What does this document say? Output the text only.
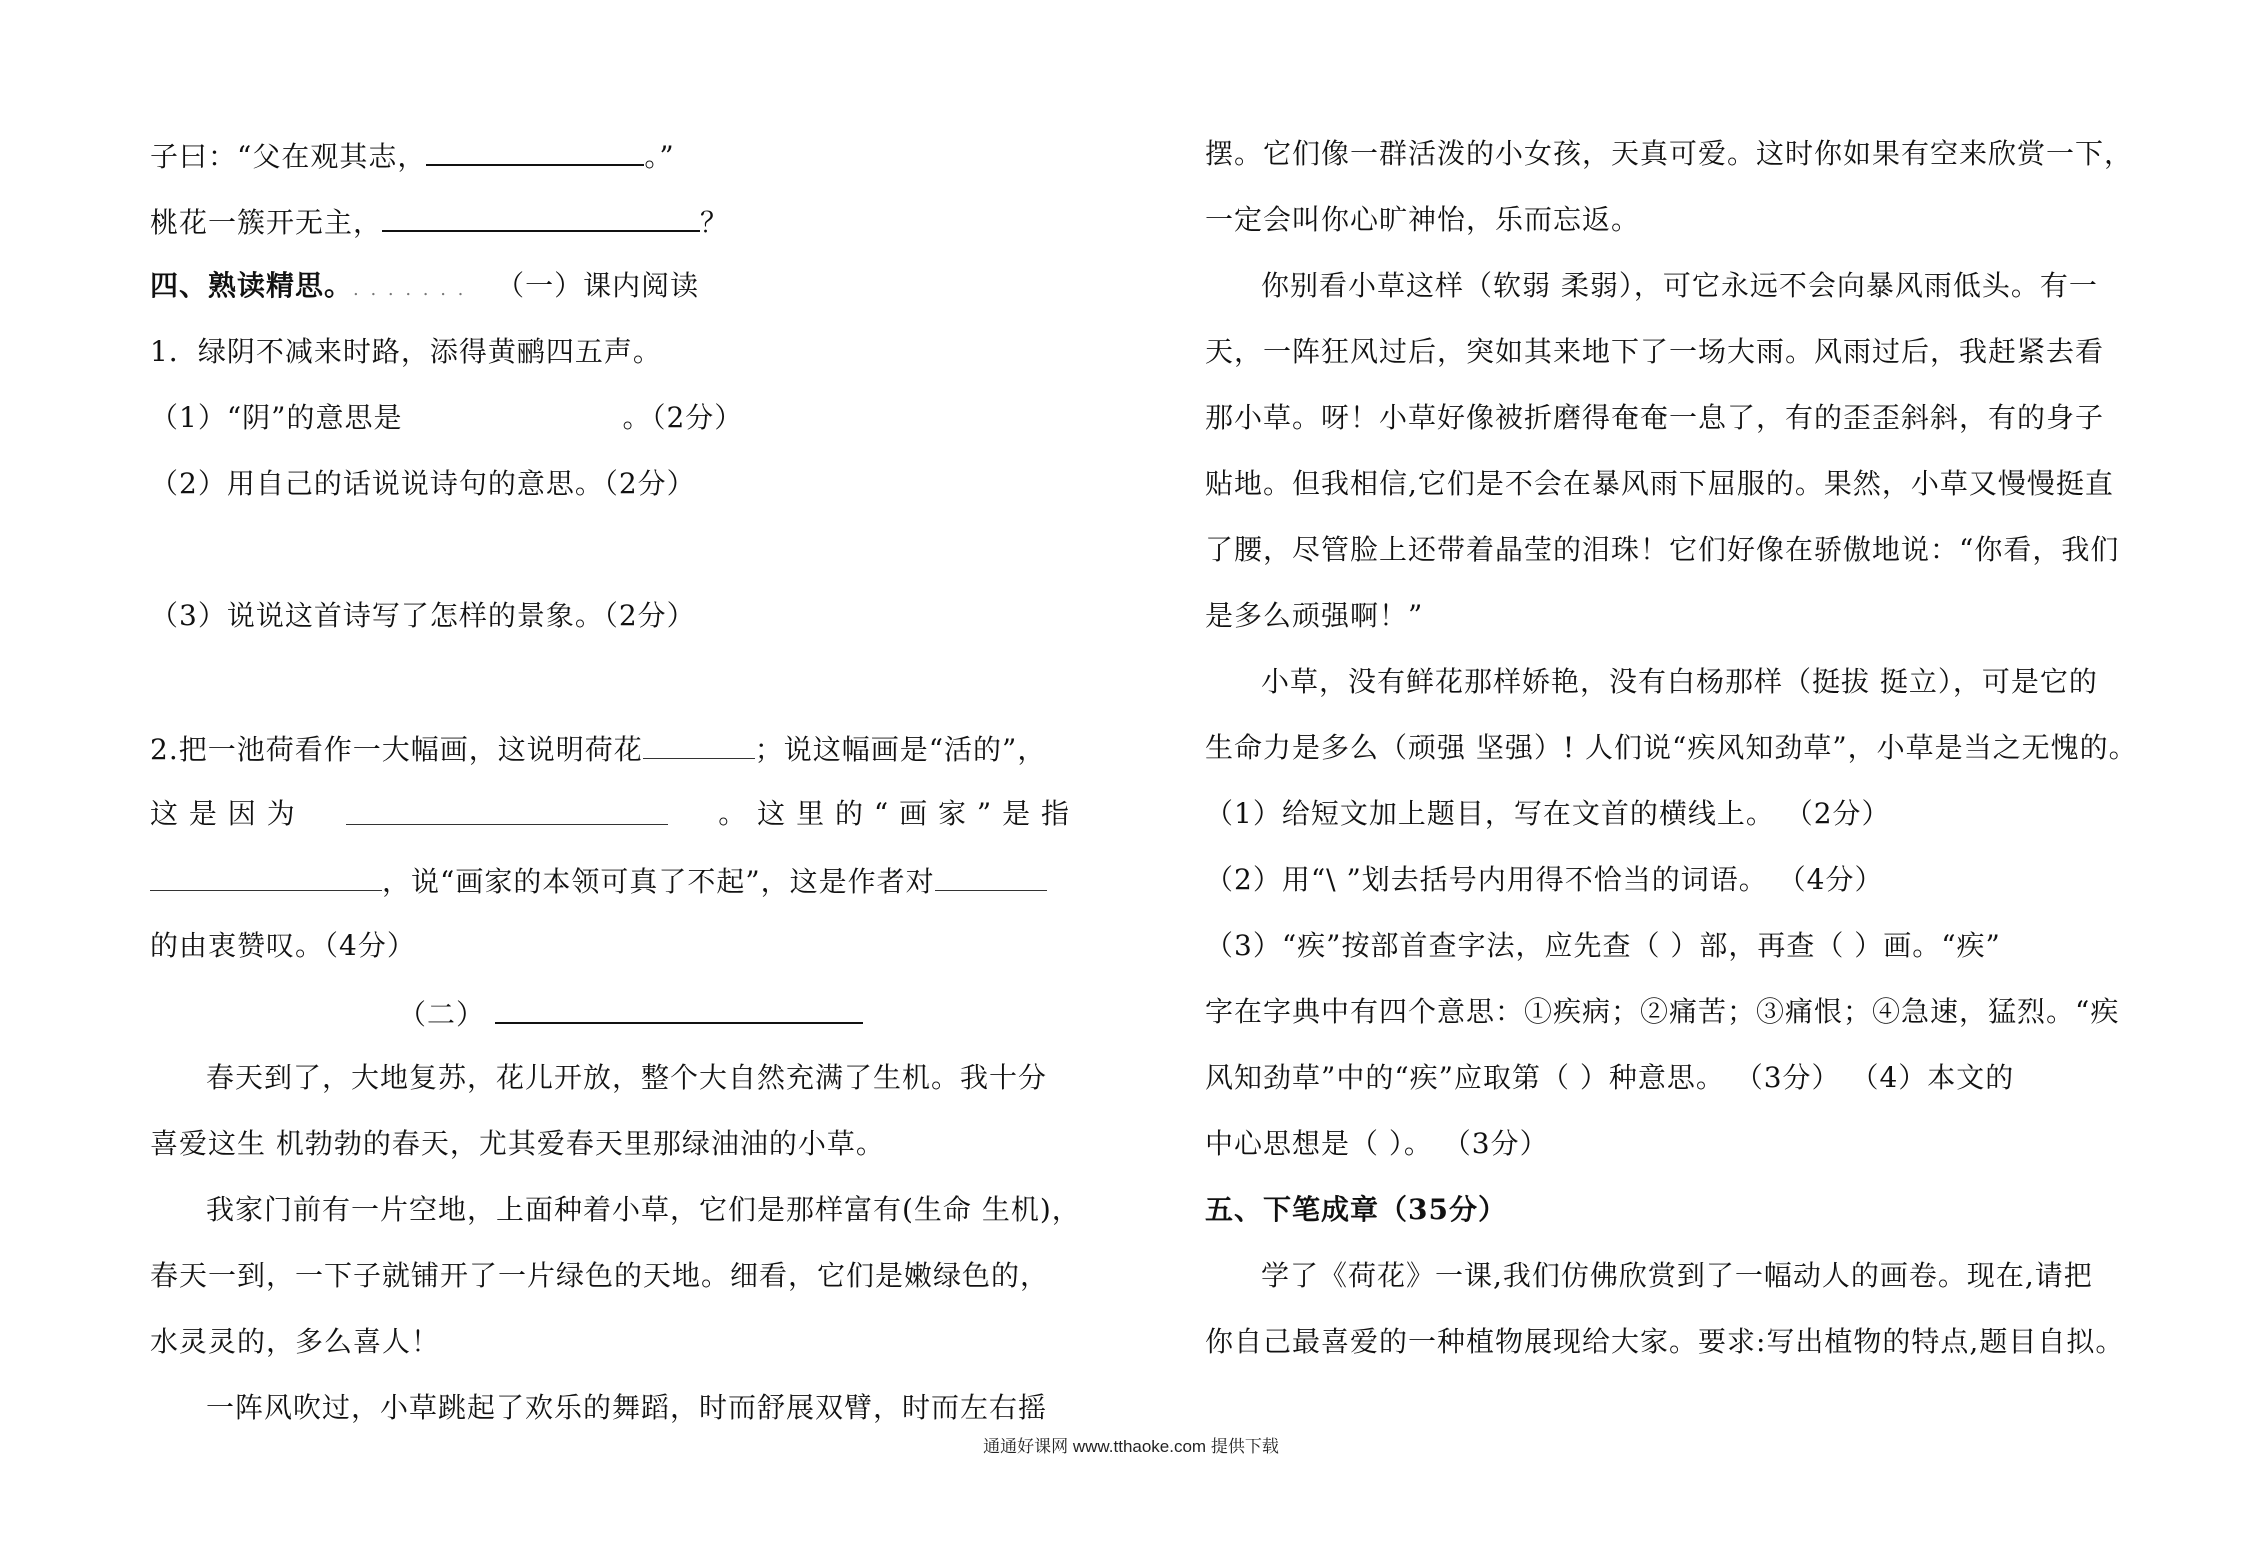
子曰：“父在观其志，	。”
桃花一簇开无主，	？
四、熟读精思。. . . . . . . （一）课内阅读
1．绿阴不减来时路，添得黄鹂四五声。
（1）“阴”的意思是	。（2分）
（2）用自己的话说说诗句的意思。（2分）
（3）说说这首诗写了怎样的景象。（2分）
2.把一池荷看作一大幅画，这说明荷花	；说这幅画是“活的”，
这 是 因 为	。 这 里 的 “ 画 家 ” 是 指
，说“画家的本领可真了不起”，这是作者对
的由衷赞叹。（4分）
（二）
春天到了，大地复苏，花儿开放，整个大自然充满了生机。我十分
喜爱这生 机勃勃的春天，尤其爱春天里那绿油油的小草。
我家门前有一片空地，上面种着小草，它们是那样富有(生命 生机)，
春天一到，一下子就铺开了一片绿色的天地。细看，它们是嫩绿色的，
水灵灵的，多么喜人！
一阵风吹过，小草跳起了欢乐的舞蹈，时而舒展双臂，时而左右摇
摆。它们像一群活泼的小女孩，天真可爱。这时你如果有空来欣赏一下，
一定会叫你心旷神怡，乐而忘返。
你别看小草这样（软弱 柔弱），可它永远不会向暴风雨低头。有一
天，一阵狂风过后，突如其来地下了一场大雨。风雨过后，我赶紧去看
那小草。呀！小草好像被折磨得奄奄一息了，有的歪歪斜斜，有的身子
贴地。但我相信,它们是不会在暴风雨下屈服的。果然，小草又慢慢挺直
了腰，尽管脸上还带着晶莹的泪珠！它们好像在骄傲地说：“你看，我们
是多么顽强啊！”
小草，没有鲜花那样娇艳，没有白杨那样（挺拔 挺立），可是它的
生命力是多么（顽强 坚强）! 人们说“疾风知劲草”，小草是当之无愧的。
（1）给短文加上题目，写在文首的横线上。 （2分）
（2）用“\ ”划去括号内用得不恰当的词语。 （4分）
（3）“疾”按部首查字法，应先查（ ）部，再查（ ）画。“疾”
字在字典中有四个意思：①疾病；②痛苦；③痛恨；④急速，猛烈。“疾
风知劲草”中的“疾”应取第（ ）种意思。 （3分） （4）本文的
中心思想是（ ）。 （3分）
五、下笔成章（35分）
学了《荷花》一课,我们仿佛欣赏到了一幅动人的画卷。现在,请把
你自己最喜爱的一种植物展现给大家。要求:写出植物的特点,题目自拟。
通通好课网 www.tthaoke.com 提供下载
